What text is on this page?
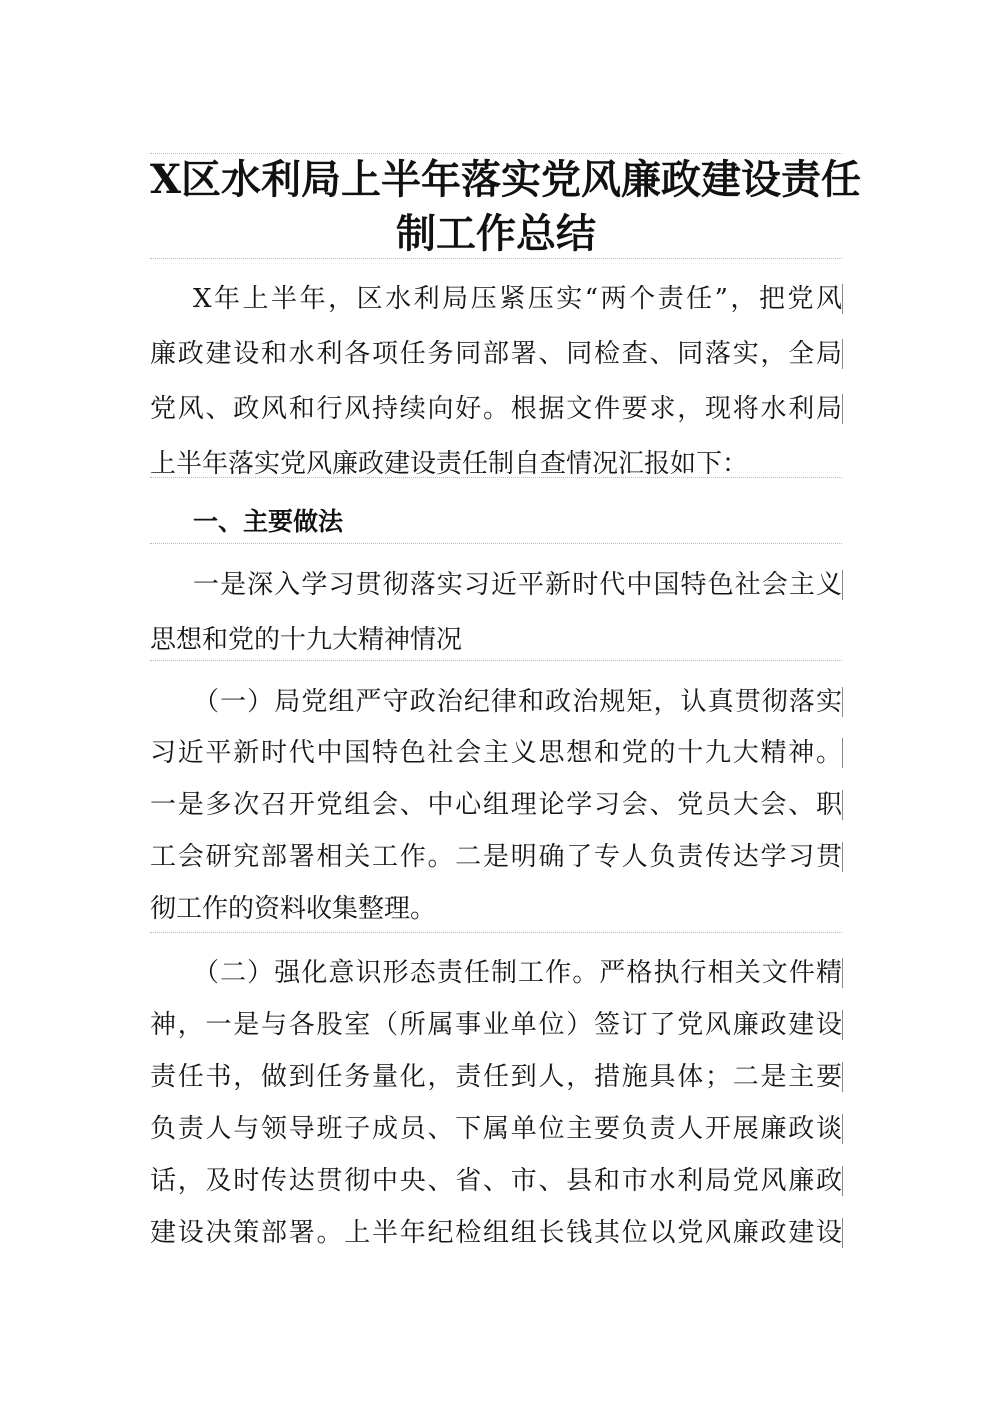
X区水利局上半年落实党风廉政建设责任
制工作总结
X年上半年，区水利局压紧压实“两个责任”，把党风
廉政建设和水利各项任务同部署、同检查、同落实，全局
党风、政风和行风持续向好。根据文件要求，现将水利局
上半年落实党风廉政建设责任制自查情况汇报如下：
一、主要做法
一是深入学习贯彻落实习近平新时代中国特色社会主义
思想和党的十九大精神情况
（一）局党组严守政治纪律和政治规矩，认真贯彻落实
习近平新时代中国特色社会主义思想和党的十九大精神。
一是多次召开党组会、中心组理论学习会、党员大会、职
工会研究部署相关工作。二是明确了专人负责传达学习贯
彻工作的资料收集整理。
（二）强化意识形态责任制工作。严格执行相关文件精
神，一是与各股室（所属事业单位）签订了党风廉政建设
责任书，做到任务量化，责任到人，措施具体；二是主要
负责人与领导班子成员、下属单位主要负责人开展廉政谈
话，及时传达贯彻中央、省、市、县和市水利局党风廉政
建设决策部署。上半年纪检组组长钱其位以党风廉政建设
